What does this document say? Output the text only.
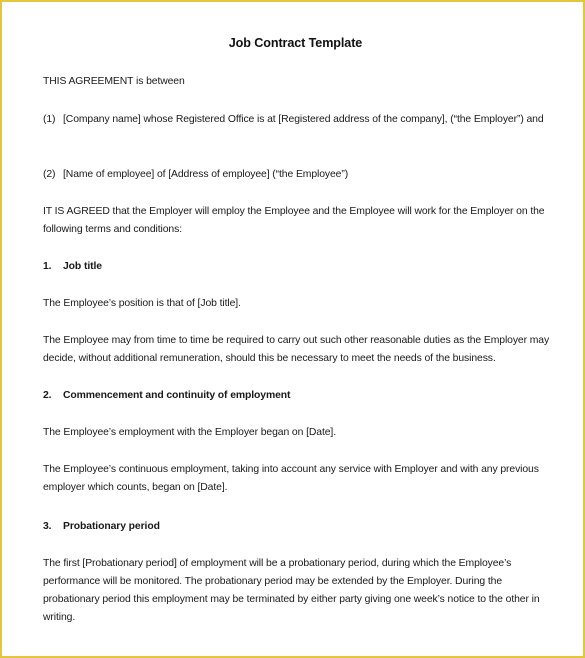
Job Contract Template

THIS AGREEMENT is between

(1) [Company name] whose Registered Office is at [Registered address of the company], (“the Employer”) and
(2) [Name of employee] of [Address of employee] (“the Employee”)

IT IS AGREED that the Employer will employ the Employee and the Employee will work for the Employer on the following terms and conditions:

1.	Job title

The Employee’s position is that of [Job title].

The Employee may from time to time be required to carry out such other reasonable duties as the Employer may decide, without additional remuneration, should this be necessary to meet the needs of the business.

2.	Commencement and continuity of employment

The Employee’s employment with the Employer began on [Date].

The Employee’s continuous employment, taking into account any service with Employer and with any previous employer which counts, began on [Date].

3.	Probationary period

The first [Probationary period] of employment will be a probationary period, during which the Employee’s performance will be monitored. The probationary period may be extended by the Employer. During the probationary period this employment may be terminated by either party giving one week’s notice to the other in writing.
